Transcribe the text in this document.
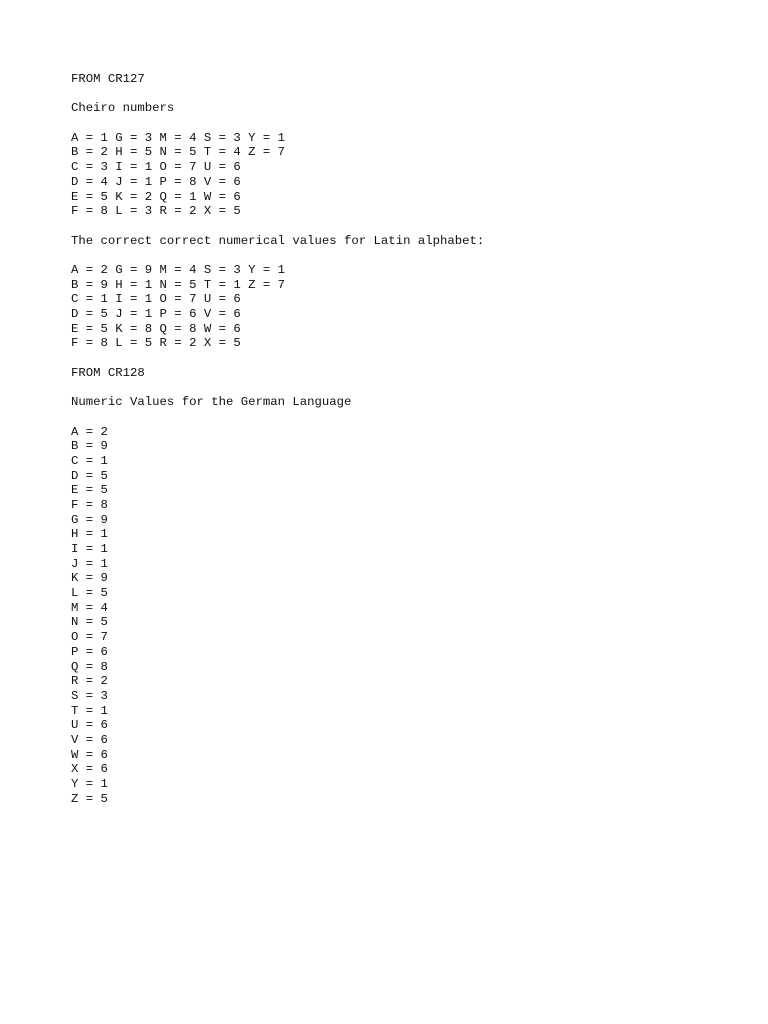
FROM CR127
Cheiro numbers
A = 1 G = 3 M = 4 S = 3 Y = 1
B = 2 H = 5 N = 5 T = 4 Z = 7
C = 3 I = 1 O = 7 U = 6
D = 4 J = 1 P = 8 V = 6
E = 5 K = 2 Q = 1 W = 6
F = 8 L = 3 R = 2 X = 5
The correct correct numerical values for Latin alphabet:
A = 2 G = 9 M = 4 S = 3 Y = 1
B = 9 H = 1 N = 5 T = 1 Z = 7
C = 1 I = 1 O = 7 U = 6
D = 5 J = 1 P = 6 V = 6
E = 5 K = 8 Q = 8 W = 6
F = 8 L = 5 R = 2 X = 5
FROM CR128
Numeric Values for the German Language
A = 2
B = 9
C = 1
D = 5
E = 5
F = 8
G = 9
H = 1
I = 1
J = 1
K = 9
L = 5
M = 4
N = 5
O = 7
P = 6
Q = 8
R = 2
S = 3
T = 1
U = 6
V = 6
W = 6
X = 6
Y = 1
Z = 5
